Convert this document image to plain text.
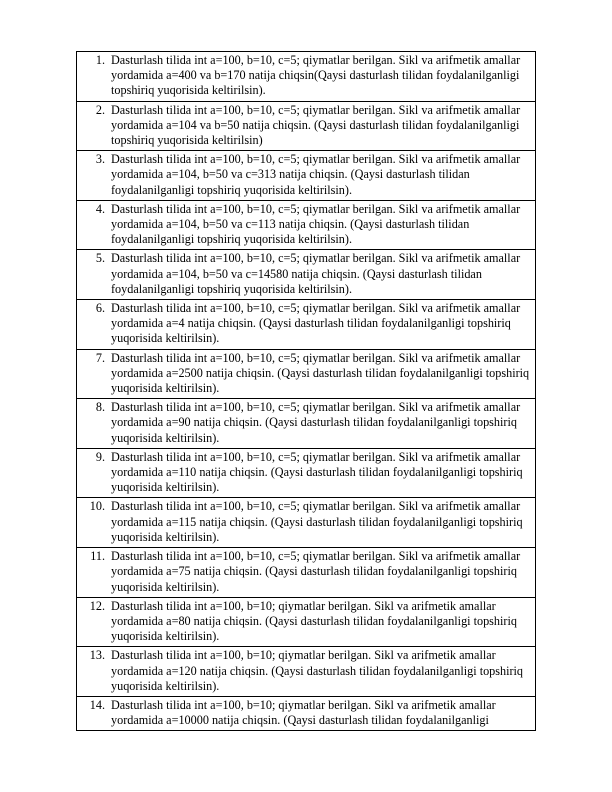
1. Dasturlash tilida int a=100, b=10, c=5; qiymatlar berilgan. Sikl va arifmetik amallar yordamida a=400 va b=170 natija chiqsin(Qaysi dasturlash tilidan foydalanilganligi topshiriq yuqorisida keltirilsin).

2. Dasturlash tilida int a=100, b=10, c=5; qiymatlar berilgan. Sikl va arifmetik amallar yordamida a=104 va b=50 natija chiqsin. (Qaysi dasturlash tilidan foydalanilganligi topshiriq yuqorisida keltirilsin)

3. Dasturlash tilida int a=100, b=10, c=5; qiymatlar berilgan. Sikl va arifmetik amallar yordamida a=104, b=50 va c=313 natija chiqsin. (Qaysi dasturlash tilidan foydalanilganligi topshiriq yuqorisida keltirilsin).

4. Dasturlash tilida int a=100, b=10, c=5; qiymatlar berilgan. Sikl va arifmetik amallar yordamida a=104, b=50 va c=113 natija chiqsin. (Qaysi dasturlash tilidan foydalanilganligi topshiriq yuqorisida keltirilsin).

5. Dasturlash tilida int a=100, b=10, c=5; qiymatlar berilgan. Sikl va arifmetik amallar yordamida a=104, b=50 va c=14580 natija chiqsin. (Qaysi dasturlash tilidan foydalanilganligi topshiriq yuqorisida keltirilsin).

6. Dasturlash tilida int a=100, b=10, c=5; qiymatlar berilgan. Sikl va arifmetik amallar yordamida a=4 natija chiqsin. (Qaysi dasturlash tilidan foydalanilganligi topshiriq yuqorisida keltirilsin).

7. Dasturlash tilida int a=100, b=10, c=5; qiymatlar berilgan. Sikl va arifmetik amallar yordamida a=2500 natija chiqsin. (Qaysi dasturlash tilidan foydalanilganligi topshiriq yuqorisida keltirilsin).

8. Dasturlash tilida int a=100, b=10, c=5; qiymatlar berilgan. Sikl va arifmetik amallar yordamida a=90 natija chiqsin. (Qaysi dasturlash tilidan foydalanilganligi topshiriq yuqorisida keltirilsin).

9. Dasturlash tilida int a=100, b=10, c=5; qiymatlar berilgan. Sikl va arifmetik amallar yordamida a=110 natija chiqsin. (Qaysi dasturlash tilidan foydalanilganligi topshiriq yuqorisida keltirilsin).

10. Dasturlash tilida int a=100, b=10, c=5; qiymatlar berilgan. Sikl va arifmetik amallar yordamida a=115 natija chiqsin. (Qaysi dasturlash tilidan foydalanilganligi topshiriq yuqorisida keltirilsin).

11. Dasturlash tilida int a=100, b=10, c=5; qiymatlar berilgan. Sikl va arifmetik amallar yordamida a=75 natija chiqsin. (Qaysi dasturlash tilidan foydalanilganligi topshiriq yuqorisida keltirilsin).

12. Dasturlash tilida int a=100, b=10; qiymatlar berilgan. Sikl va arifmetik amallar yordamida a=80 natija chiqsin. (Qaysi dasturlash tilidan foydalanilganligi topshiriq yuqorisida keltirilsin).

13. Dasturlash tilida int a=100, b=10; qiymatlar berilgan. Sikl va arifmetik amallar yordamida a=120 natija chiqsin. (Qaysi dasturlash tilidan foydalanilganligi topshiriq yuqorisida keltirilsin).

14. Dasturlash tilida int a=100, b=10; qiymatlar berilgan. Sikl va arifmetik amallar yordamida a=10000 natija chiqsin. (Qaysi dasturlash tilidan foydalanilganligi
